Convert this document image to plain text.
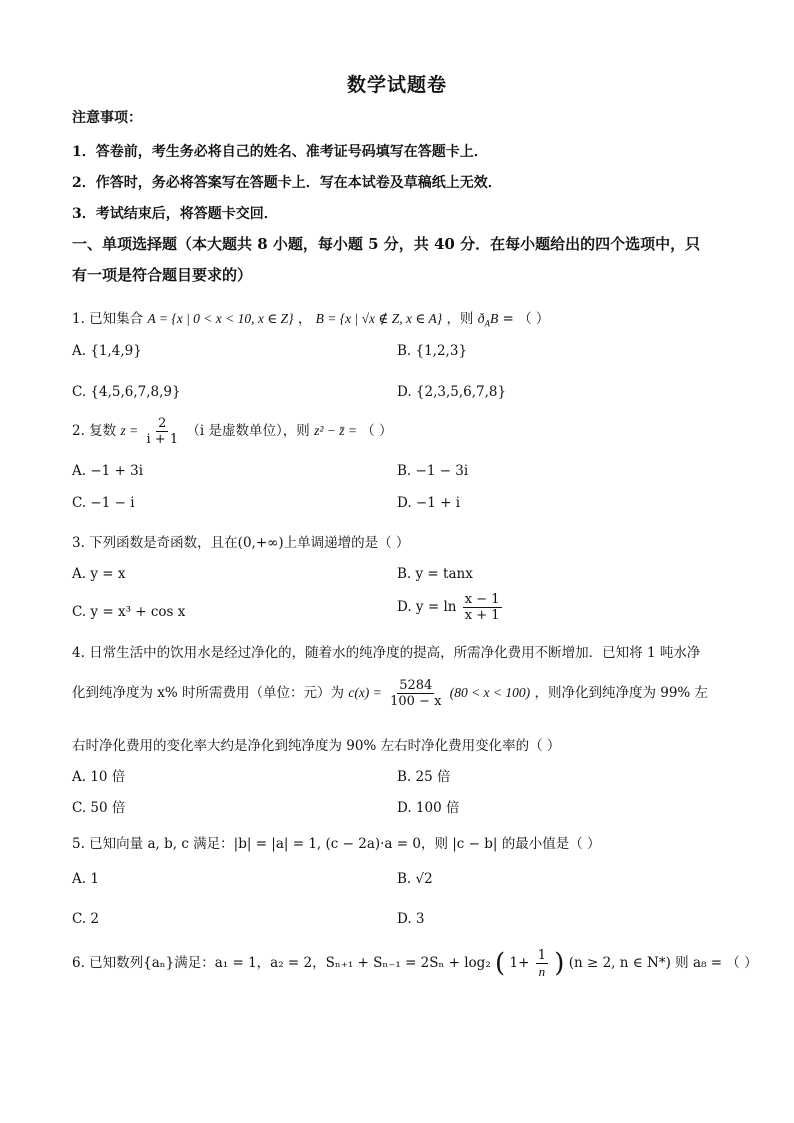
数学试题卷
注意事项：
1．答卷前，考生务必将自己的姓名、准考证号码填写在答题卡上．
2．作答时，务必将答案写在答题卡上．写在本试卷及草稿纸上无效．
3．考试结束后，将答题卡交回．
一、单项选择题（本大题共 8 小题，每小题 5 分，共 40 分．在每小题给出的四个选项中，只
有一项是符合题目要求的）
1. 已知集合 A = {x | 0 < x < 10, x ∈ Z} ， B = {x | √x ∉ Z, x ∈ A} ，则 $ð_AB$ = （ ）
A. {1,4,9}	B. {1,2,3}
C. {4,5,6,7,8,9}	D. {2,3,5,6,7,8}
2. 复数 $z = \frac{2}{i + 1} (i$ 是虚数单位），则 z² − z̄ = （ ）
A. −1 + 3i	B. −1 − 3i
C. −1 − i	D. −1 + i
3. 下列函数是奇函数，且在(0,+∞)上单调递增的是（ ）
A. y = x	B. y = tanx
C. y = x³ + cos x	D. $y = \ln \frac{x - 1}{x + 1}$
4. 日常生活中的饮用水是经过净化的，随着水的纯净度的提高，所需净化费用不断增加．已知将 1 吨水净
化到纯净度为 x% 时所需费用（单位：元）为 $c(x) = \frac{5284}{100 - x} (80 < x < 100)$ ，则净化到纯净度为 99% 左
右时净化费用的变化率大约是净化到纯净度为 90% 左右时净化费用变化率的（ ）
A. 10 倍	B. 25 倍
C. 50 倍	D. 100 倍
5. 已知向量 a, b, c 满足：|b| = |a| = 1, (c − 2a)·a = 0，则 |c − b| 的最小值是（ ）
A. 1	B. √2
C. 2	D. 3
6. 已知数列{aₙ}满足：a₁ = 1，a₂ = 2，Sₙ₊₁ + Sₙ₋₁ = 2Sₙ + log₂ ( $1+ \frac{1}{n}$ ) (n ≥ 2, n ∈ N*) 则 a₈ = （ ）
